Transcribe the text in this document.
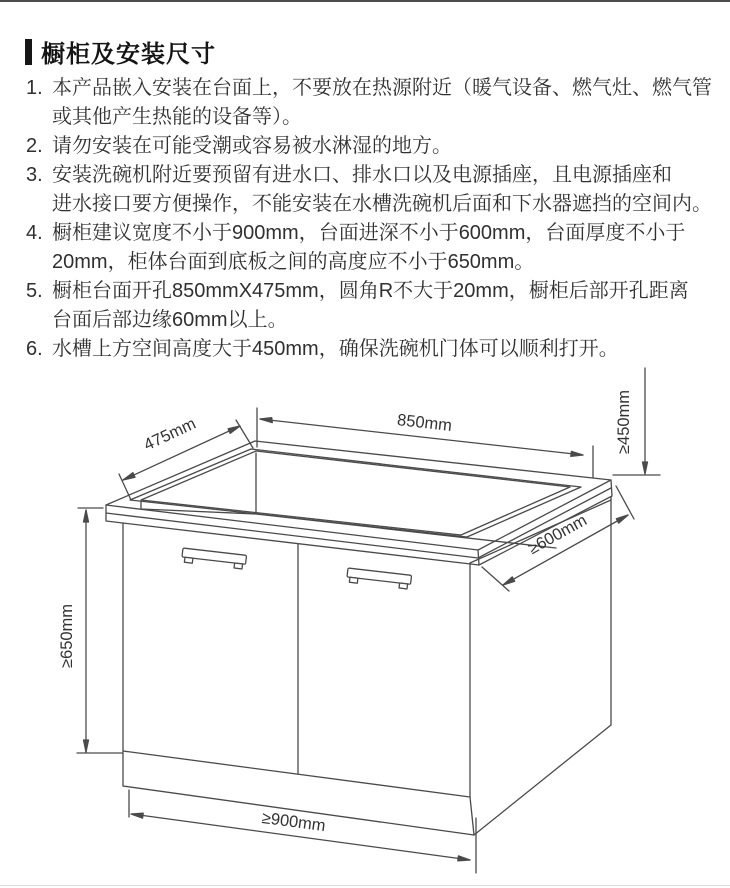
橱柜及安装尺寸
1. 本产品嵌入安装在台面上，不要放在热源附近（暖气设备、燃气灶、燃气管
或其他产生热能的设备等）。
2. 请勿安装在可能受潮或容易被水淋湿的地方。
3. 安装洗碗机附近要预留有进水口、排水口以及电源插座，且电源插座和
进水接口要方便操作，不能安装在水槽洗碗机后面和下水器遮挡的空间内。
4. 橱柜建议宽度不小于900mm，台面进深不小于600mm，台面厚度不小于
20mm，柜体台面到底板之间的高度应不小于650mm。
5. 橱柜台面开孔850mmX475mm，圆角R不大于20mm，橱柜后部开孔距离
台面后部边缘60mm以上。
6. 水槽上方空间高度大于450mm，确保洗碗机门体可以顺利打开。
850mm
475mm	≥450mm
≥600mm
≥650mm
≥900mm
